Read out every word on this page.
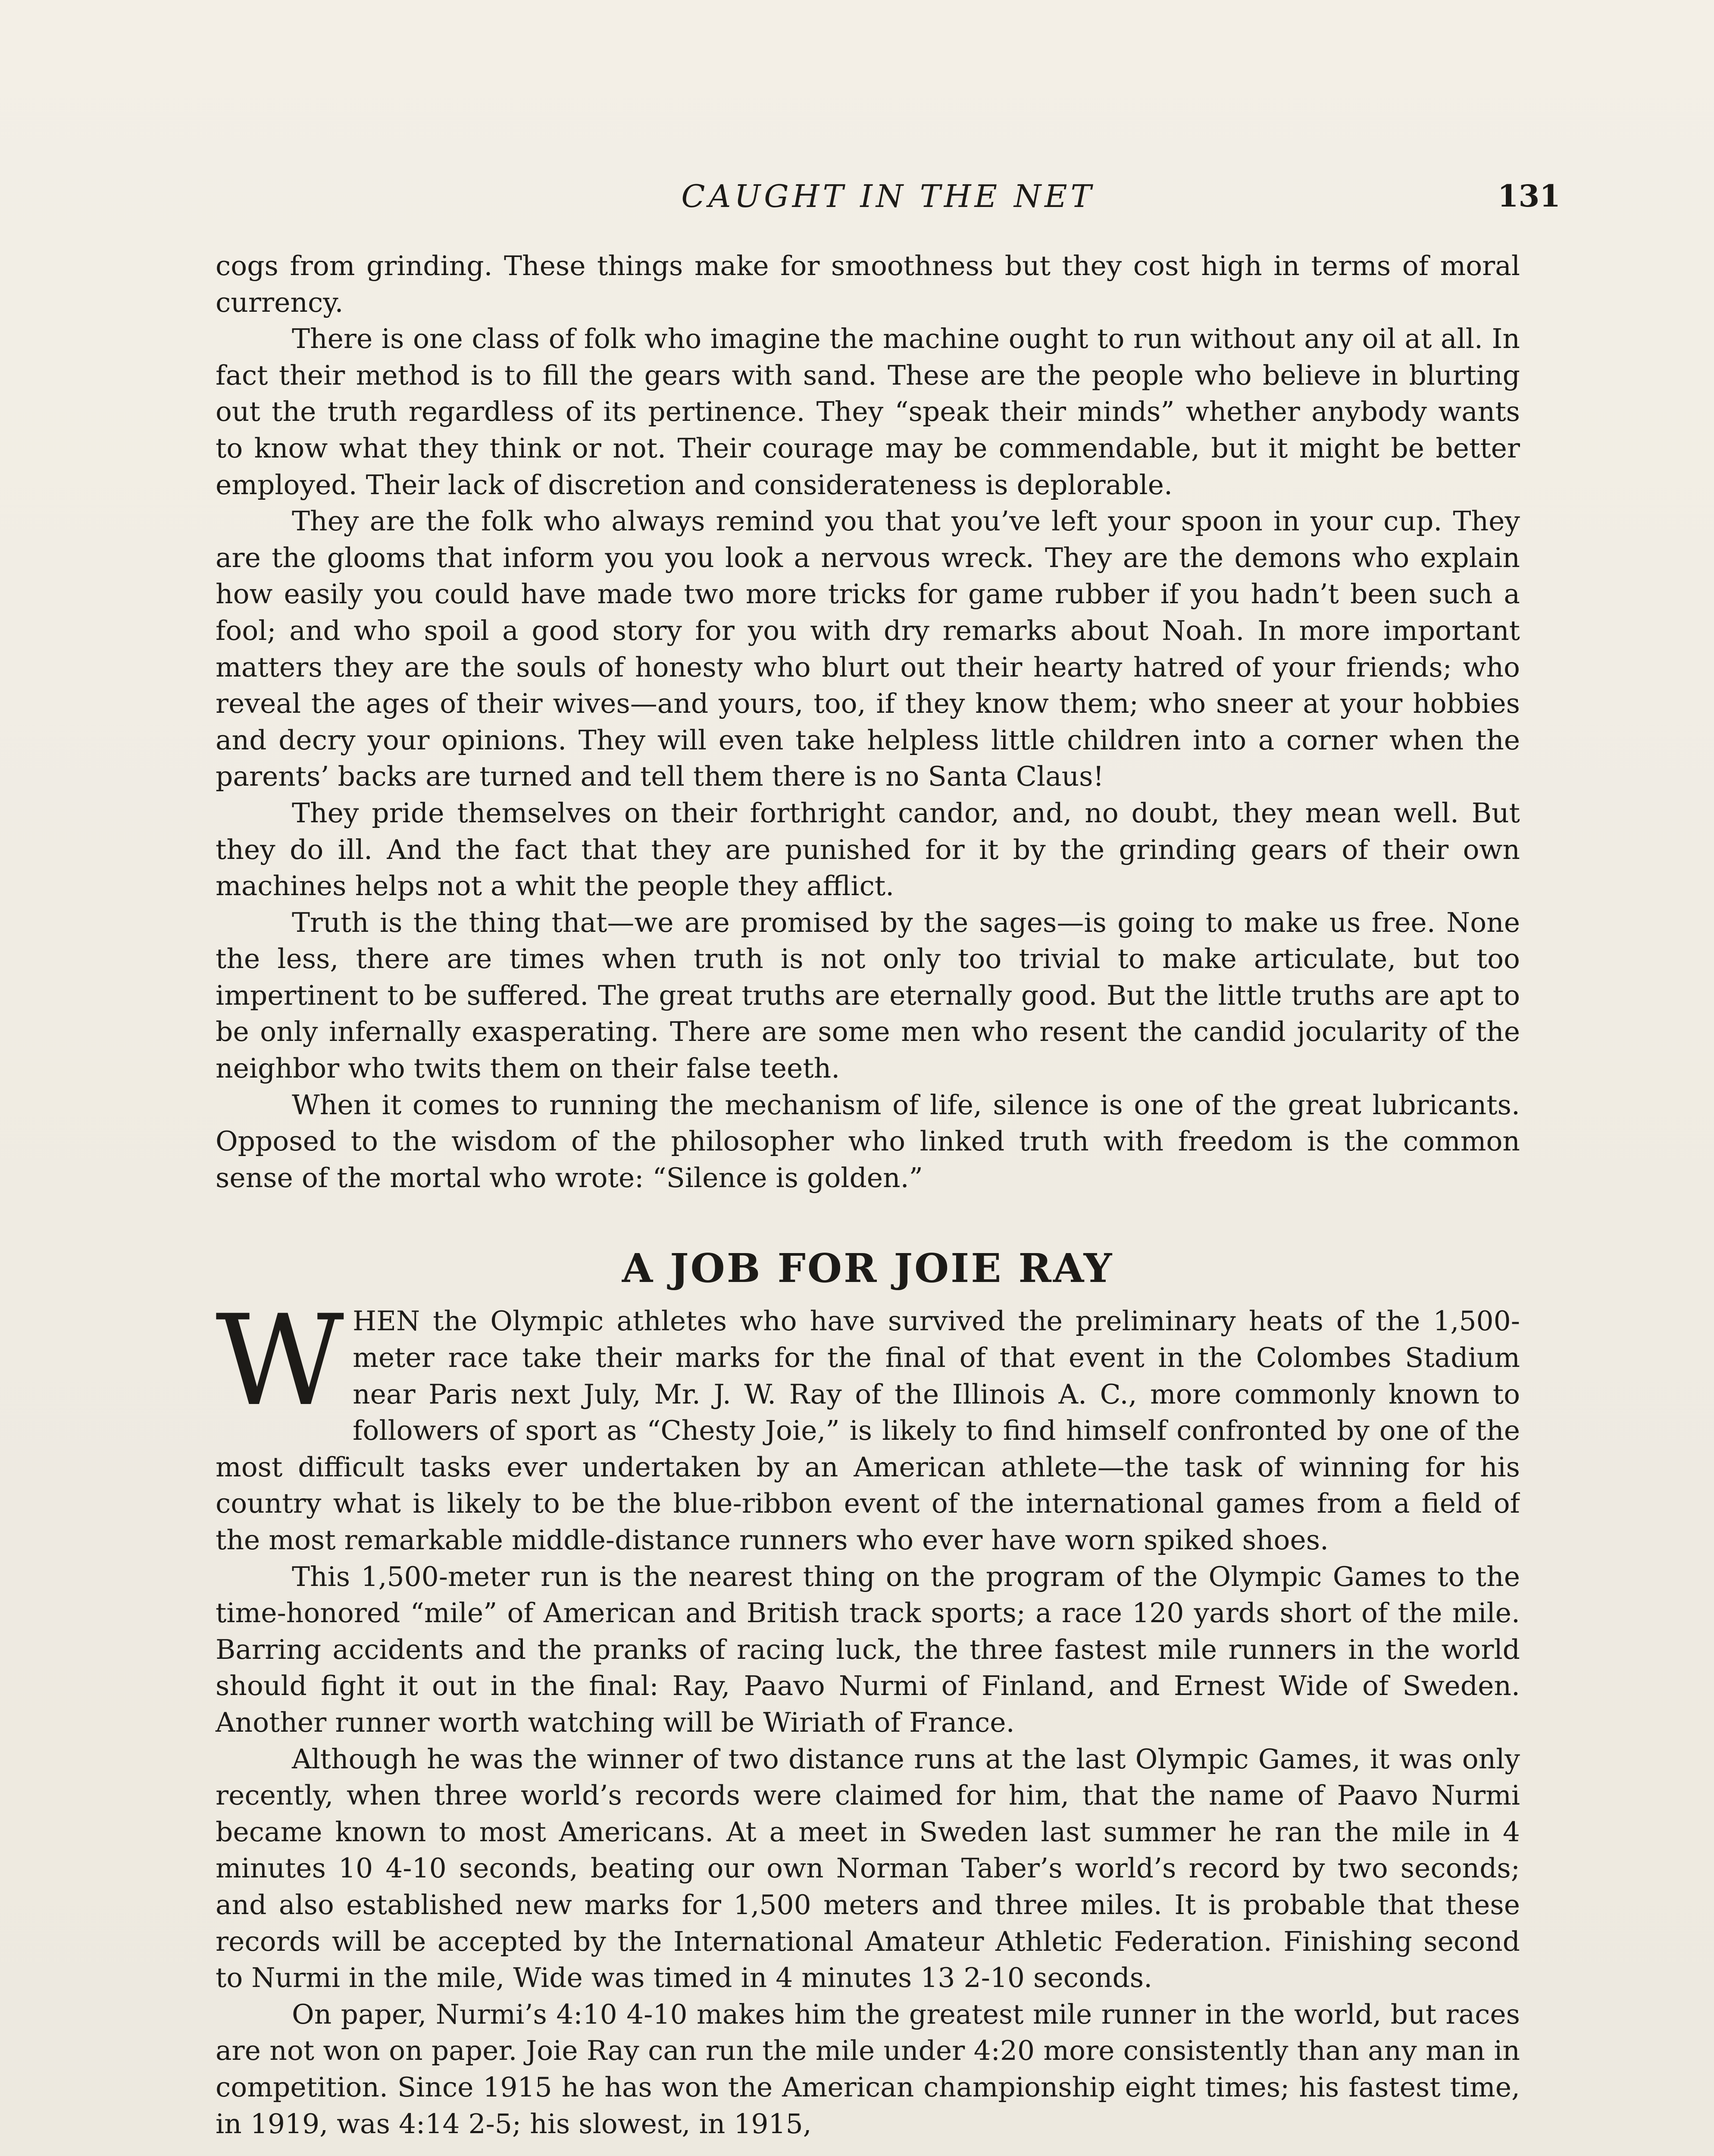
CAUGHT IN THE NET	131

cogs from grinding. These things make for smoothness but they cost high in terms of moral currency.

There is one class of folk who imagine the machine ought to run without any oil at all. In fact their method is to fill the gears with sand. These are the people who believe in blurting out the truth regardless of its pertinence. They “speak their minds” whether anybody wants to know what they think or not. Their courage may be commendable, but it might be better employed. Their lack of discretion and considerateness is deplorable.

They are the folk who always remind you that you’ve left your spoon in your cup. They are the glooms that inform you you look a nervous wreck. They are the demons who explain how easily you could have made two more tricks for game rubber if you hadn’t been such a fool; and who spoil a good story for you with dry remarks about Noah. In more important matters they are the souls of honesty who blurt out their hearty hatred of your friends; who reveal the ages of their wives—and yours, too, if they know them; who sneer at your hobbies and decry your opinions. They will even take helpless little children into a corner when the parents’ backs are turned and tell them there is no Santa Claus!

They pride themselves on their forthright candor, and, no doubt, they mean well. But they do ill. And the fact that they are punished for it by the grinding gears of their own machines helps not a whit the people they afflict.

Truth is the thing that—we are promised by the sages—is going to make us free. None the less, there are times when truth is not only too trivial to make articulate, but too impertinent to be suffered. The great truths are eternally good. But the little truths are apt to be only infernally exasperating. There are some men who resent the candid jocularity of the neighbor who twits them on their false teeth.

When it comes to running the mechanism of life, silence is one of the great lubricants. Opposed to the wisdom of the philosopher who linked truth with freedom is the common sense of the mortal who wrote: “Silence is golden.”

A JOB FOR JOIE RAY
W HEN the Olympic athletes who have survived the preliminary heats of the 1,500-meter race take their marks for the final of that event in the Colombes Stadium near Paris next July, Mr. J. W. Ray of the Illinois A. C., more commonly known to followers of sport as “Chesty Joie,” is likely to find himself confronted by one of the most difficult tasks ever undertaken by an American athlete—the task of winning for his country what is likely to be the blue-ribbon event of the international games from a field of the most remarkable middle-distance runners who ever have worn spiked shoes.

This 1,500-meter run is the nearest thing on the program of the Olympic Games to the time-honored “mile” of American and British track sports; a race 120 yards short of the mile. Barring accidents and the pranks of racing luck, the three fastest mile runners in the world should fight it out in the final: Ray, Paavo Nurmi of Finland, and Ernest Wide of Sweden. Another runner worth watching will be Wiriath of France.

Although he was the winner of two distance runs at the last Olympic Games, it was only recently, when three world’s records were claimed for him, that the name of Paavo Nurmi became known to most Americans. At a meet in Sweden last summer he ran the mile in 4 minutes 10 4-10 seconds, beating our own Norman Taber’s world’s record by two seconds; and also established new marks for 1,500 meters and three miles. It is probable that these records will be accepted by the International Amateur Athletic Federation. Finishing second to Nurmi in the mile, Wide was timed in 4 minutes 13 2-10 seconds.

On paper, Nurmi’s 4:10 4-10 makes him the greatest mile runner in the world, but races are not won on paper. Joie Ray can run the mile under 4:20 more consistently than any man in competition. Since 1915 he has won the American championship eight times; his fastest time, in 1919, was 4:14 2-5; his slowest, in 1915,
